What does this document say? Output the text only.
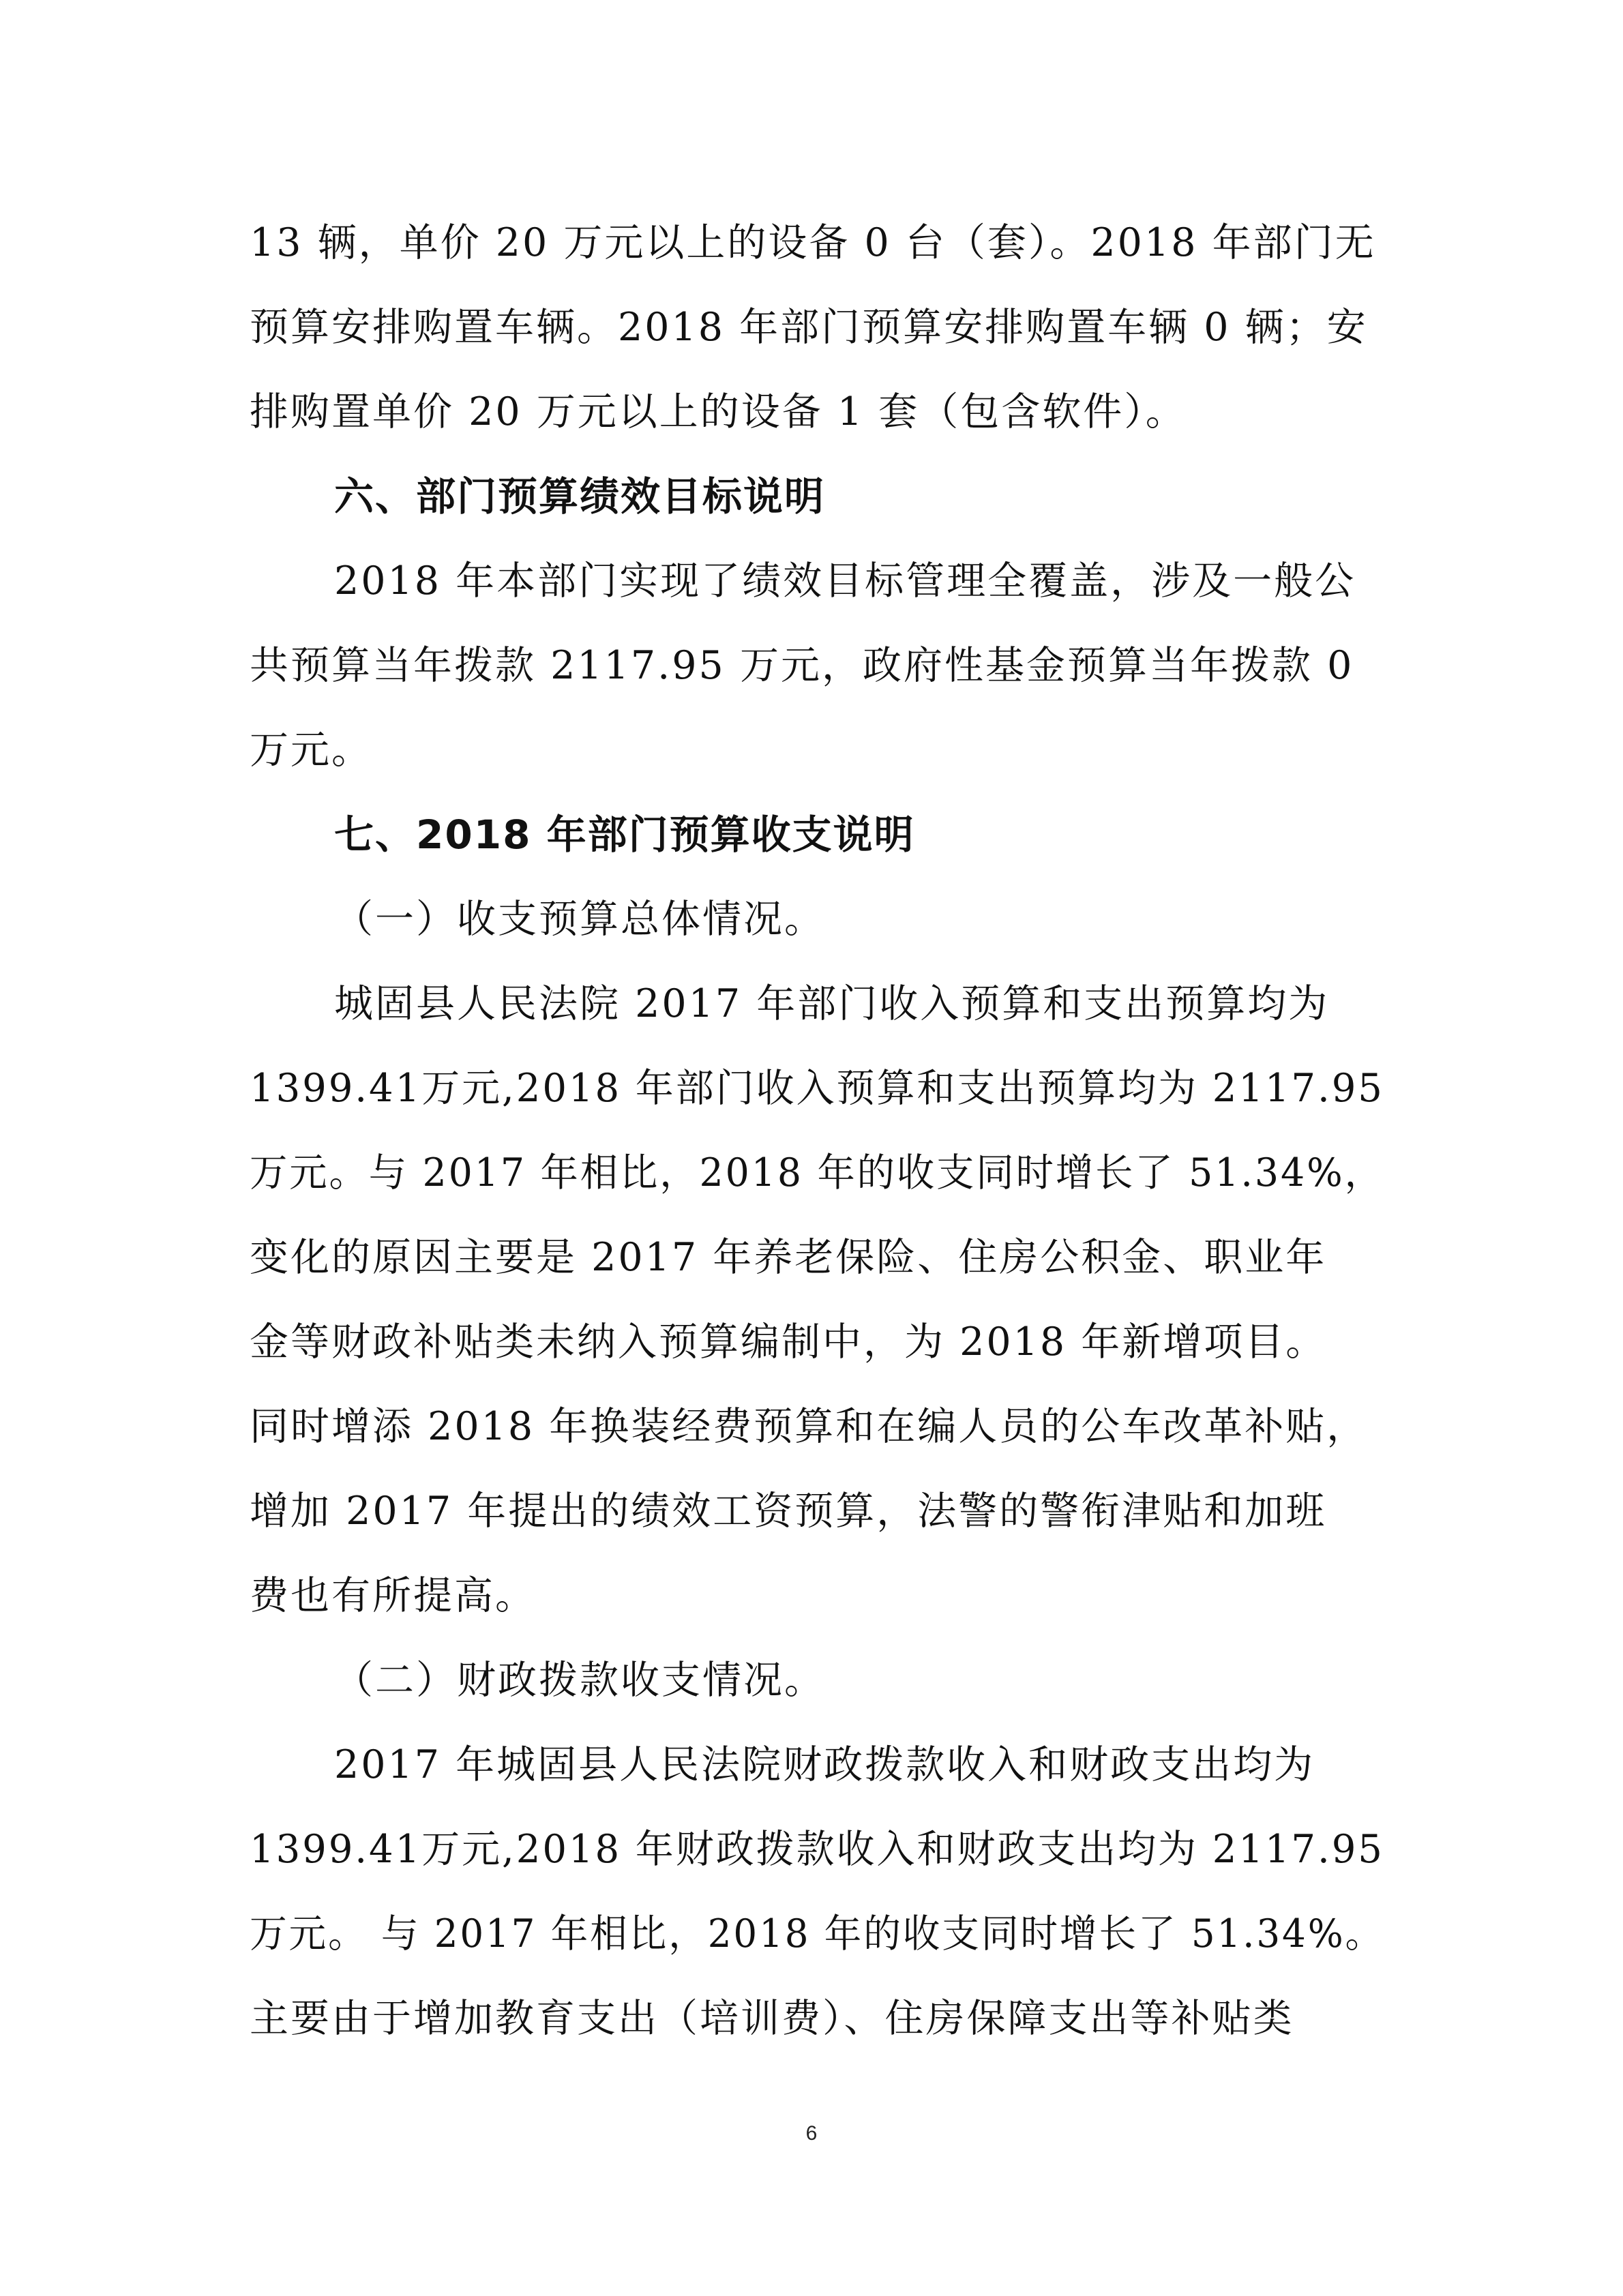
13 辆，单价 20 万元以上的设备 0 台（套）。2018 年部门无
预算安排购置车辆。2018 年部门预算安排购置车辆 0 辆；安
排购置单价 20 万元以上的设备 1 套（包含软件）。
六、部门预算绩效目标说明
2018 年本部门实现了绩效目标管理全覆盖，涉及一般公
共预算当年拨款 2117.95 万元，政府性基金预算当年拨款 0
万元。
七、2018 年部门预算收支说明
（一）收支预算总体情况。
城固县人民法院 2017 年部门收入预算和支出预算均为
1399.41万元,2018 年部门收入预算和支出预算均为 2117.95
万元。与 2017 年相比，2018 年的收支同时增长了 51.34%，
变化的原因主要是 2017 年养老保险、住房公积金、职业年
金等财政补贴类未纳入预算编制中，为 2018 年新增项目。
同时增添 2018 年换装经费预算和在编人员的公车改革补贴，
增加 2017 年提出的绩效工资预算，法警的警衔津贴和加班
费也有所提高。
（二）财政拨款收支情况。
2017 年城固县人民法院财政拨款收入和财政支出均为
1399.41万元,2018 年财政拨款收入和财政支出均为 2117.95
万元。 与 2017 年相比，2018 年的收支同时增长了 51.34%。
主要由于增加教育支出（培训费）、住房保障支出等补贴类
6
